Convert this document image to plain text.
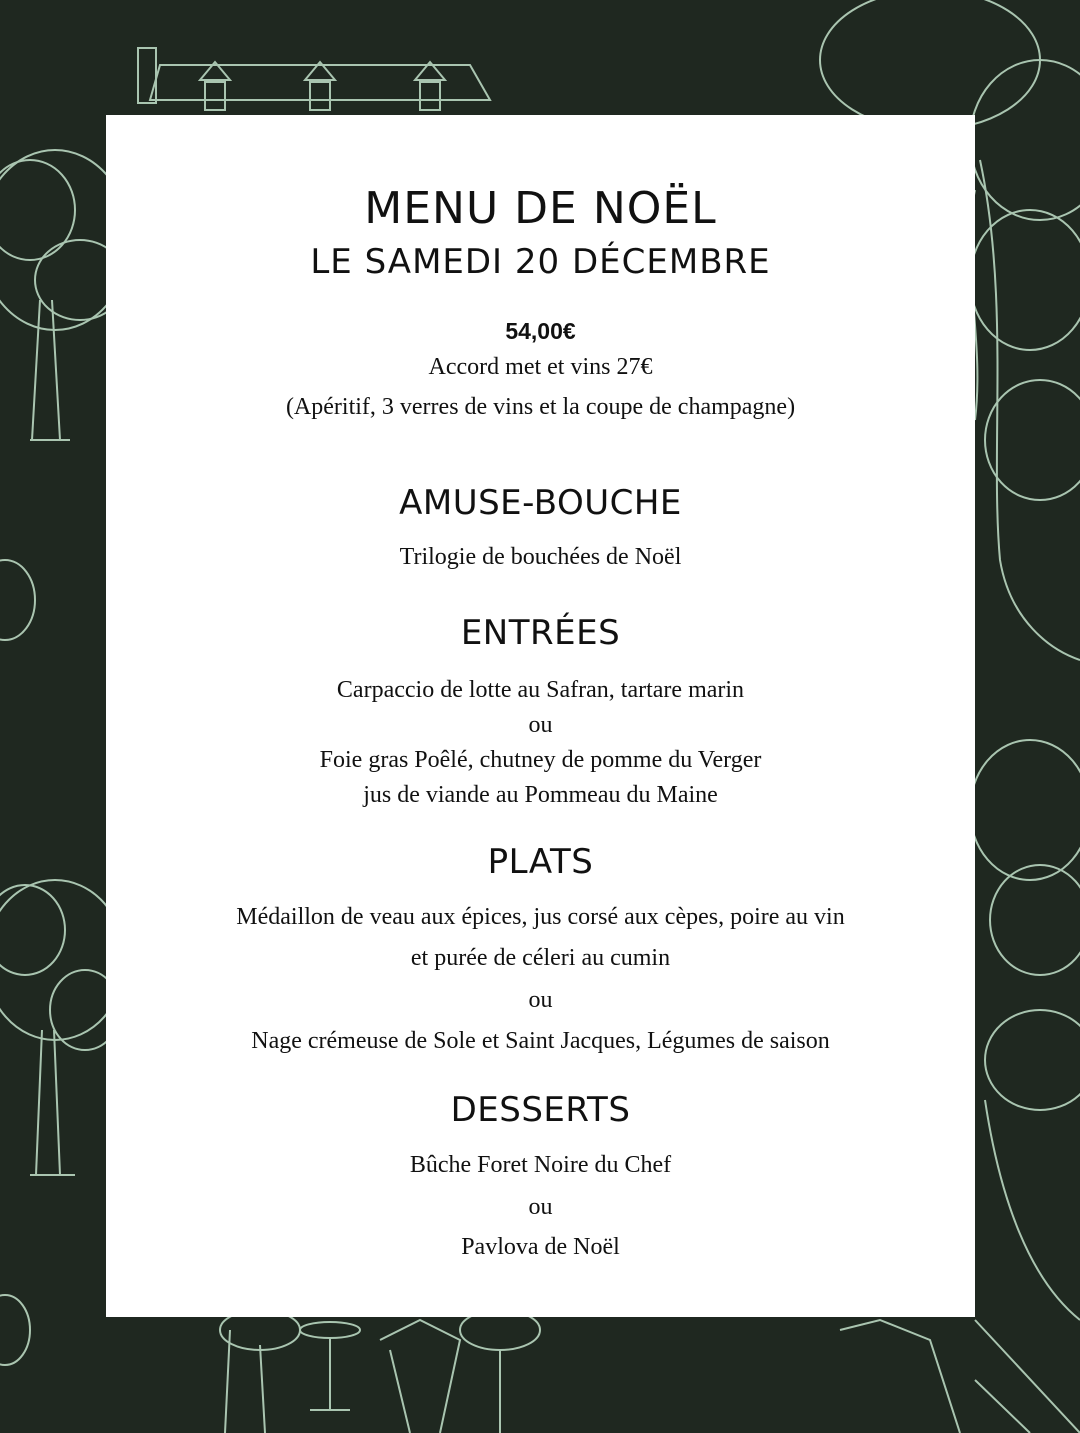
MENU DE NOËL
LE SAMEDI 20 DÉCEMBRE
54,00€
Accord met et vins 27€
(Apéritif, 3 verres de vins et la coupe de champagne)
AMUSE-BOUCHE
Trilogie de bouchées de Noël
ENTRÉES
Carpaccio de lotte au Safran, tartare marin
ou
Foie gras Poêlé, chutney de pomme du Verger
jus de viande au Pommeau du Maine
PLATS
Médaillon de veau aux épices, jus corsé aux cèpes, poire au vin
et purée de céleri au cumin
ou
Nage crémeuse de Sole et Saint Jacques, Légumes de saison
DESSERTS
Bûche Foret Noire du Chef
ou
Pavlova de Noël
